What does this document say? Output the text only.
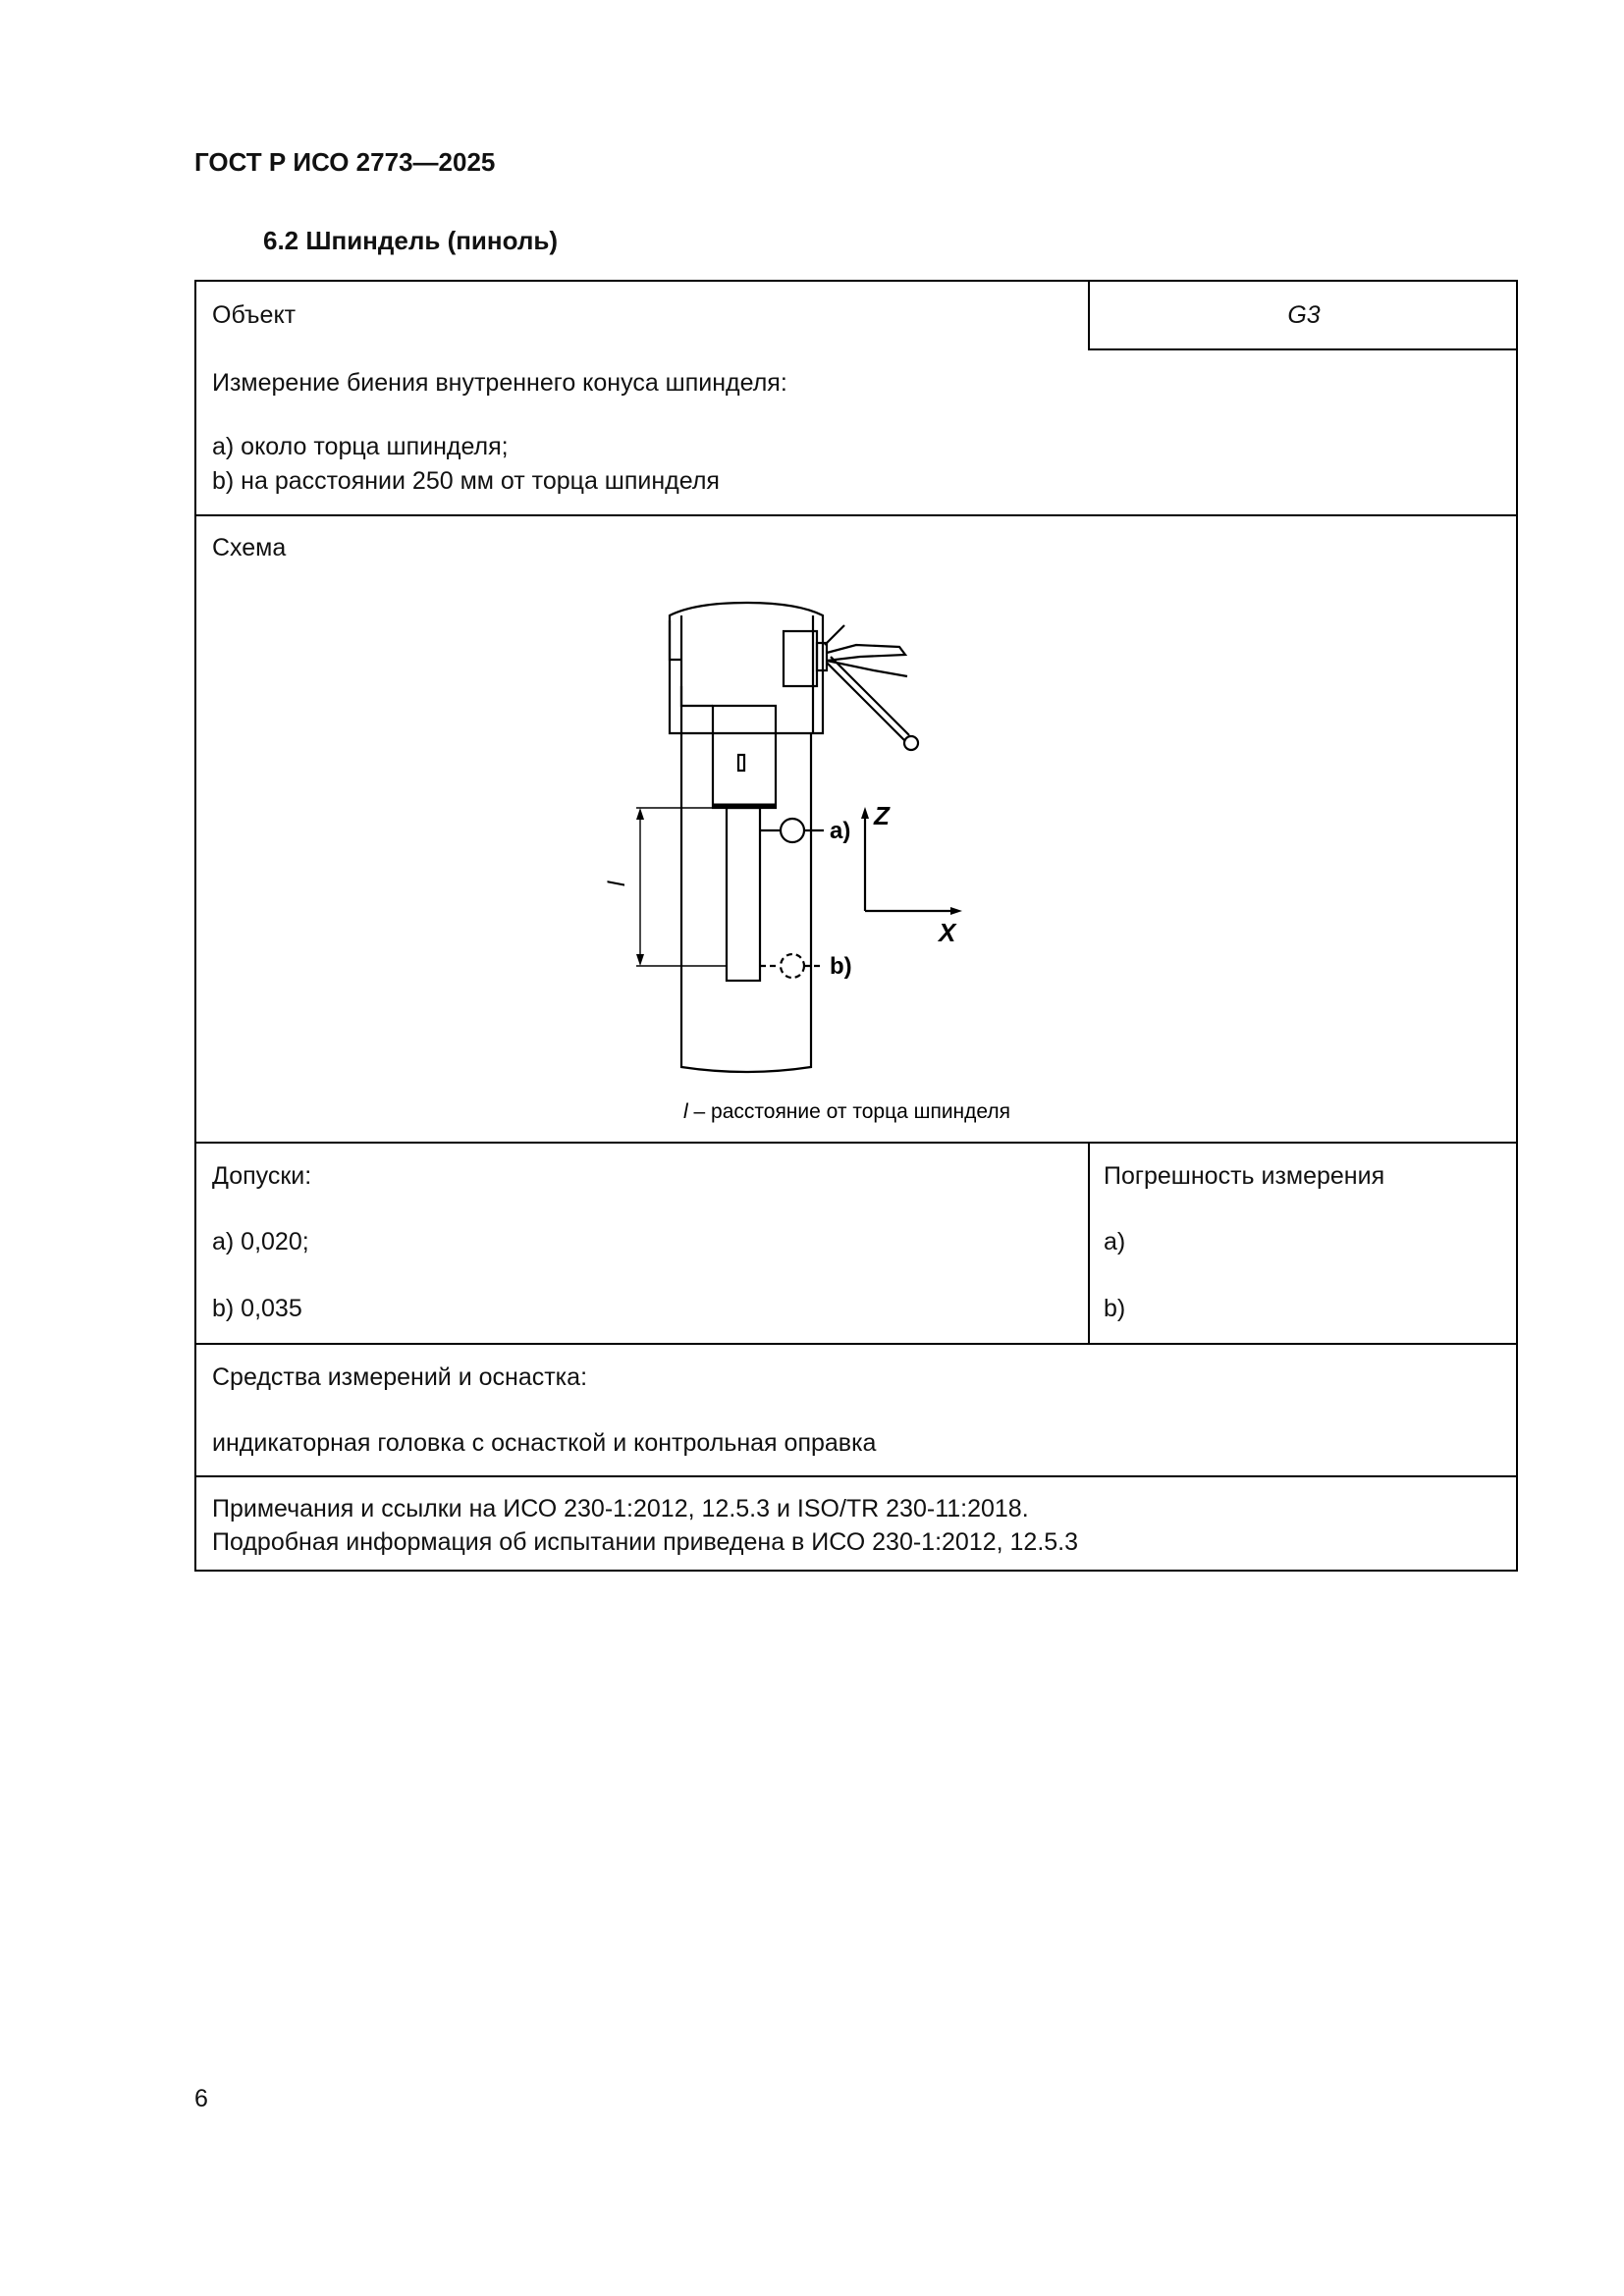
ГОСТ Р ИСО 2773—2025
6.2 Шпиндель (пиноль)
Объект	G3
Измерение биения внутреннего конуса шпинделя:
a) около торца шпинделя;
b) на расстоянии 250 мм от торца шпинделя
Схема
l
a)
b)
Z
X
l – расстояние от торца шпинделя
Допуски:
a) 0,020;
b) 0,035
Погрешность измерения
a)
b)
Средства измерений и оснастка:
индикаторная головка с оснасткой и контрольная оправка
Примечания и ссылки на ИСО 230-1:2012, 12.5.3 и ISO/TR 230-11:2018.
Подробная информация об испытании приведена в ИСО 230-1:2012, 12.5.3
6
